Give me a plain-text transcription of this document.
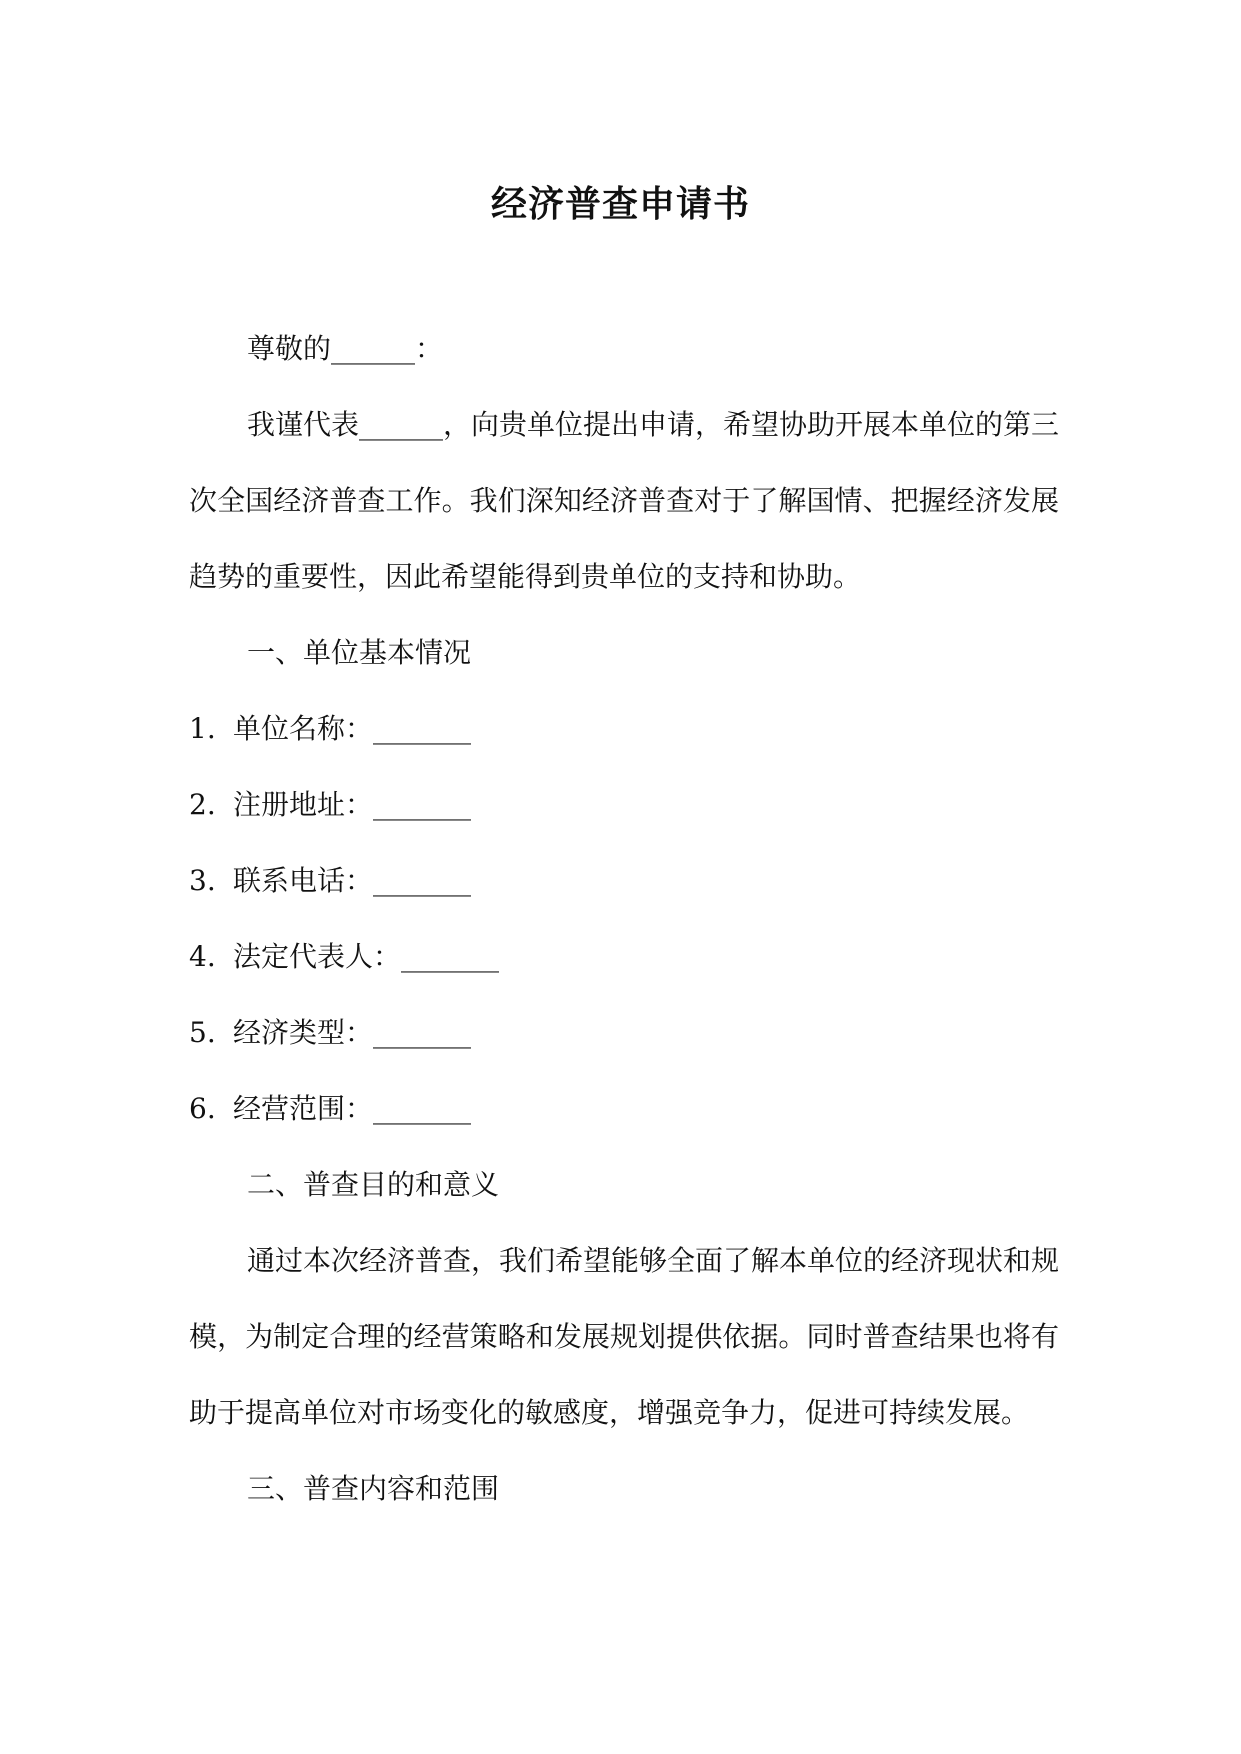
经济普查申请书

尊敬的______：

我谨代表______，向贵单位提出申请，希望协助开展本单位的第三次全国经济普查工作。我们深知经济普查对于了解国情、把握经济发展趋势的重要性，因此希望能得到贵单位的支持和协助。

一、单位基本情况

1. 单位名称：_______

2. 注册地址：_______

3. 联系电话：_______

4. 法定代表人：_______

5. 经济类型：_______

6. 经营范围：_______

二、普查目的和意义

通过本次经济普查，我们希望能够全面了解本单位的经济现状和规模，为制定合理的经营策略和发展规划提供依据。同时普查结果也将有助于提高单位对市场变化的敏感度，增强竞争力，促进可持续发展。

三、普查内容和范围
